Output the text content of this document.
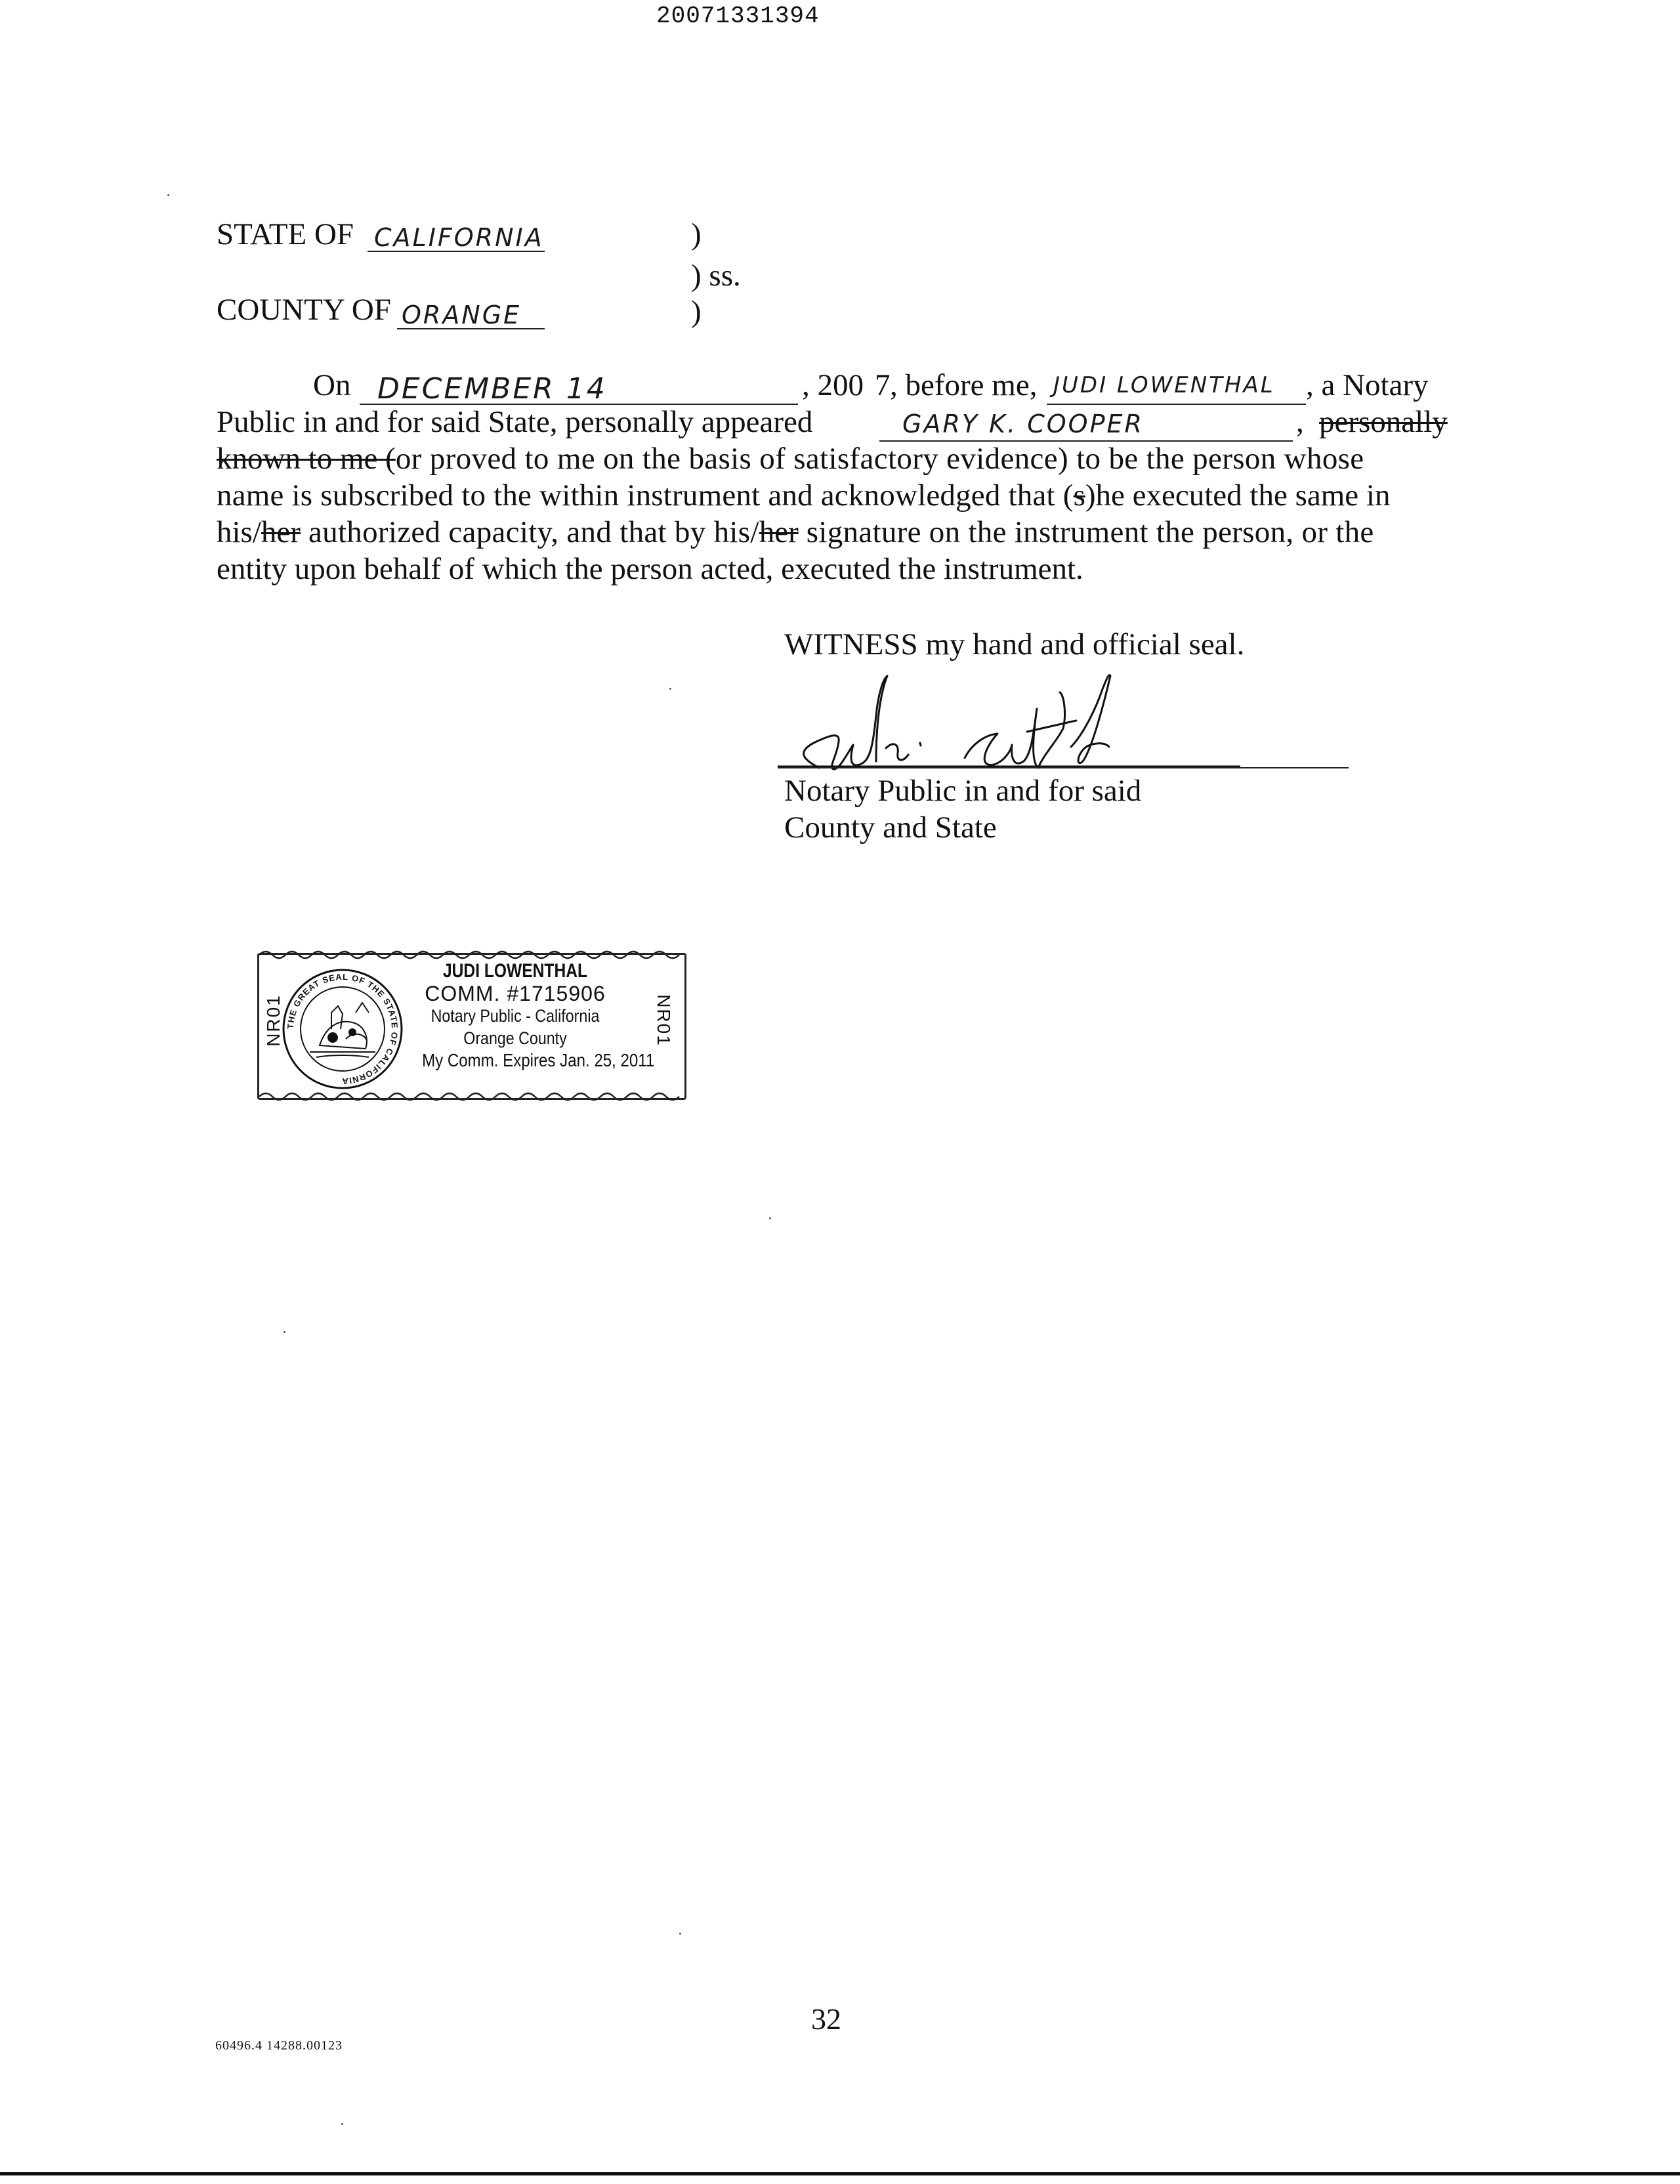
20071331394
STATE OF CALIFORNIA	)
) ss.
)
COUNTY OF ORANGE
On DECEMBER 14	, 200 7 , before me, JUDI LOWENTHAL , a Notary
Public in and for said State, personally appeared	GARY K. COOPER	, personally
known to me (or proved to me on the basis of satisfactory evidence) to be the person whose
name is subscribed to the within instrument and acknowledged that (s)he executed the same in
his/her authorized capacity, and that by his/her signature on the instrument the person, or the
entity upon behalf of which the person acted, executed the instrument.
WITNESS my hand and official seal.
Notary Public in and for said
County and State
THE GREAT SEAL OF THE STATE OF CALIFORNIA
JUDI LOWENTHAL
COMM. #1715906
Notary Public - California
Orange County
My Comm. Expires Jan. 25, 2011
NR01	NR01
32
60496.4 14288.00123
